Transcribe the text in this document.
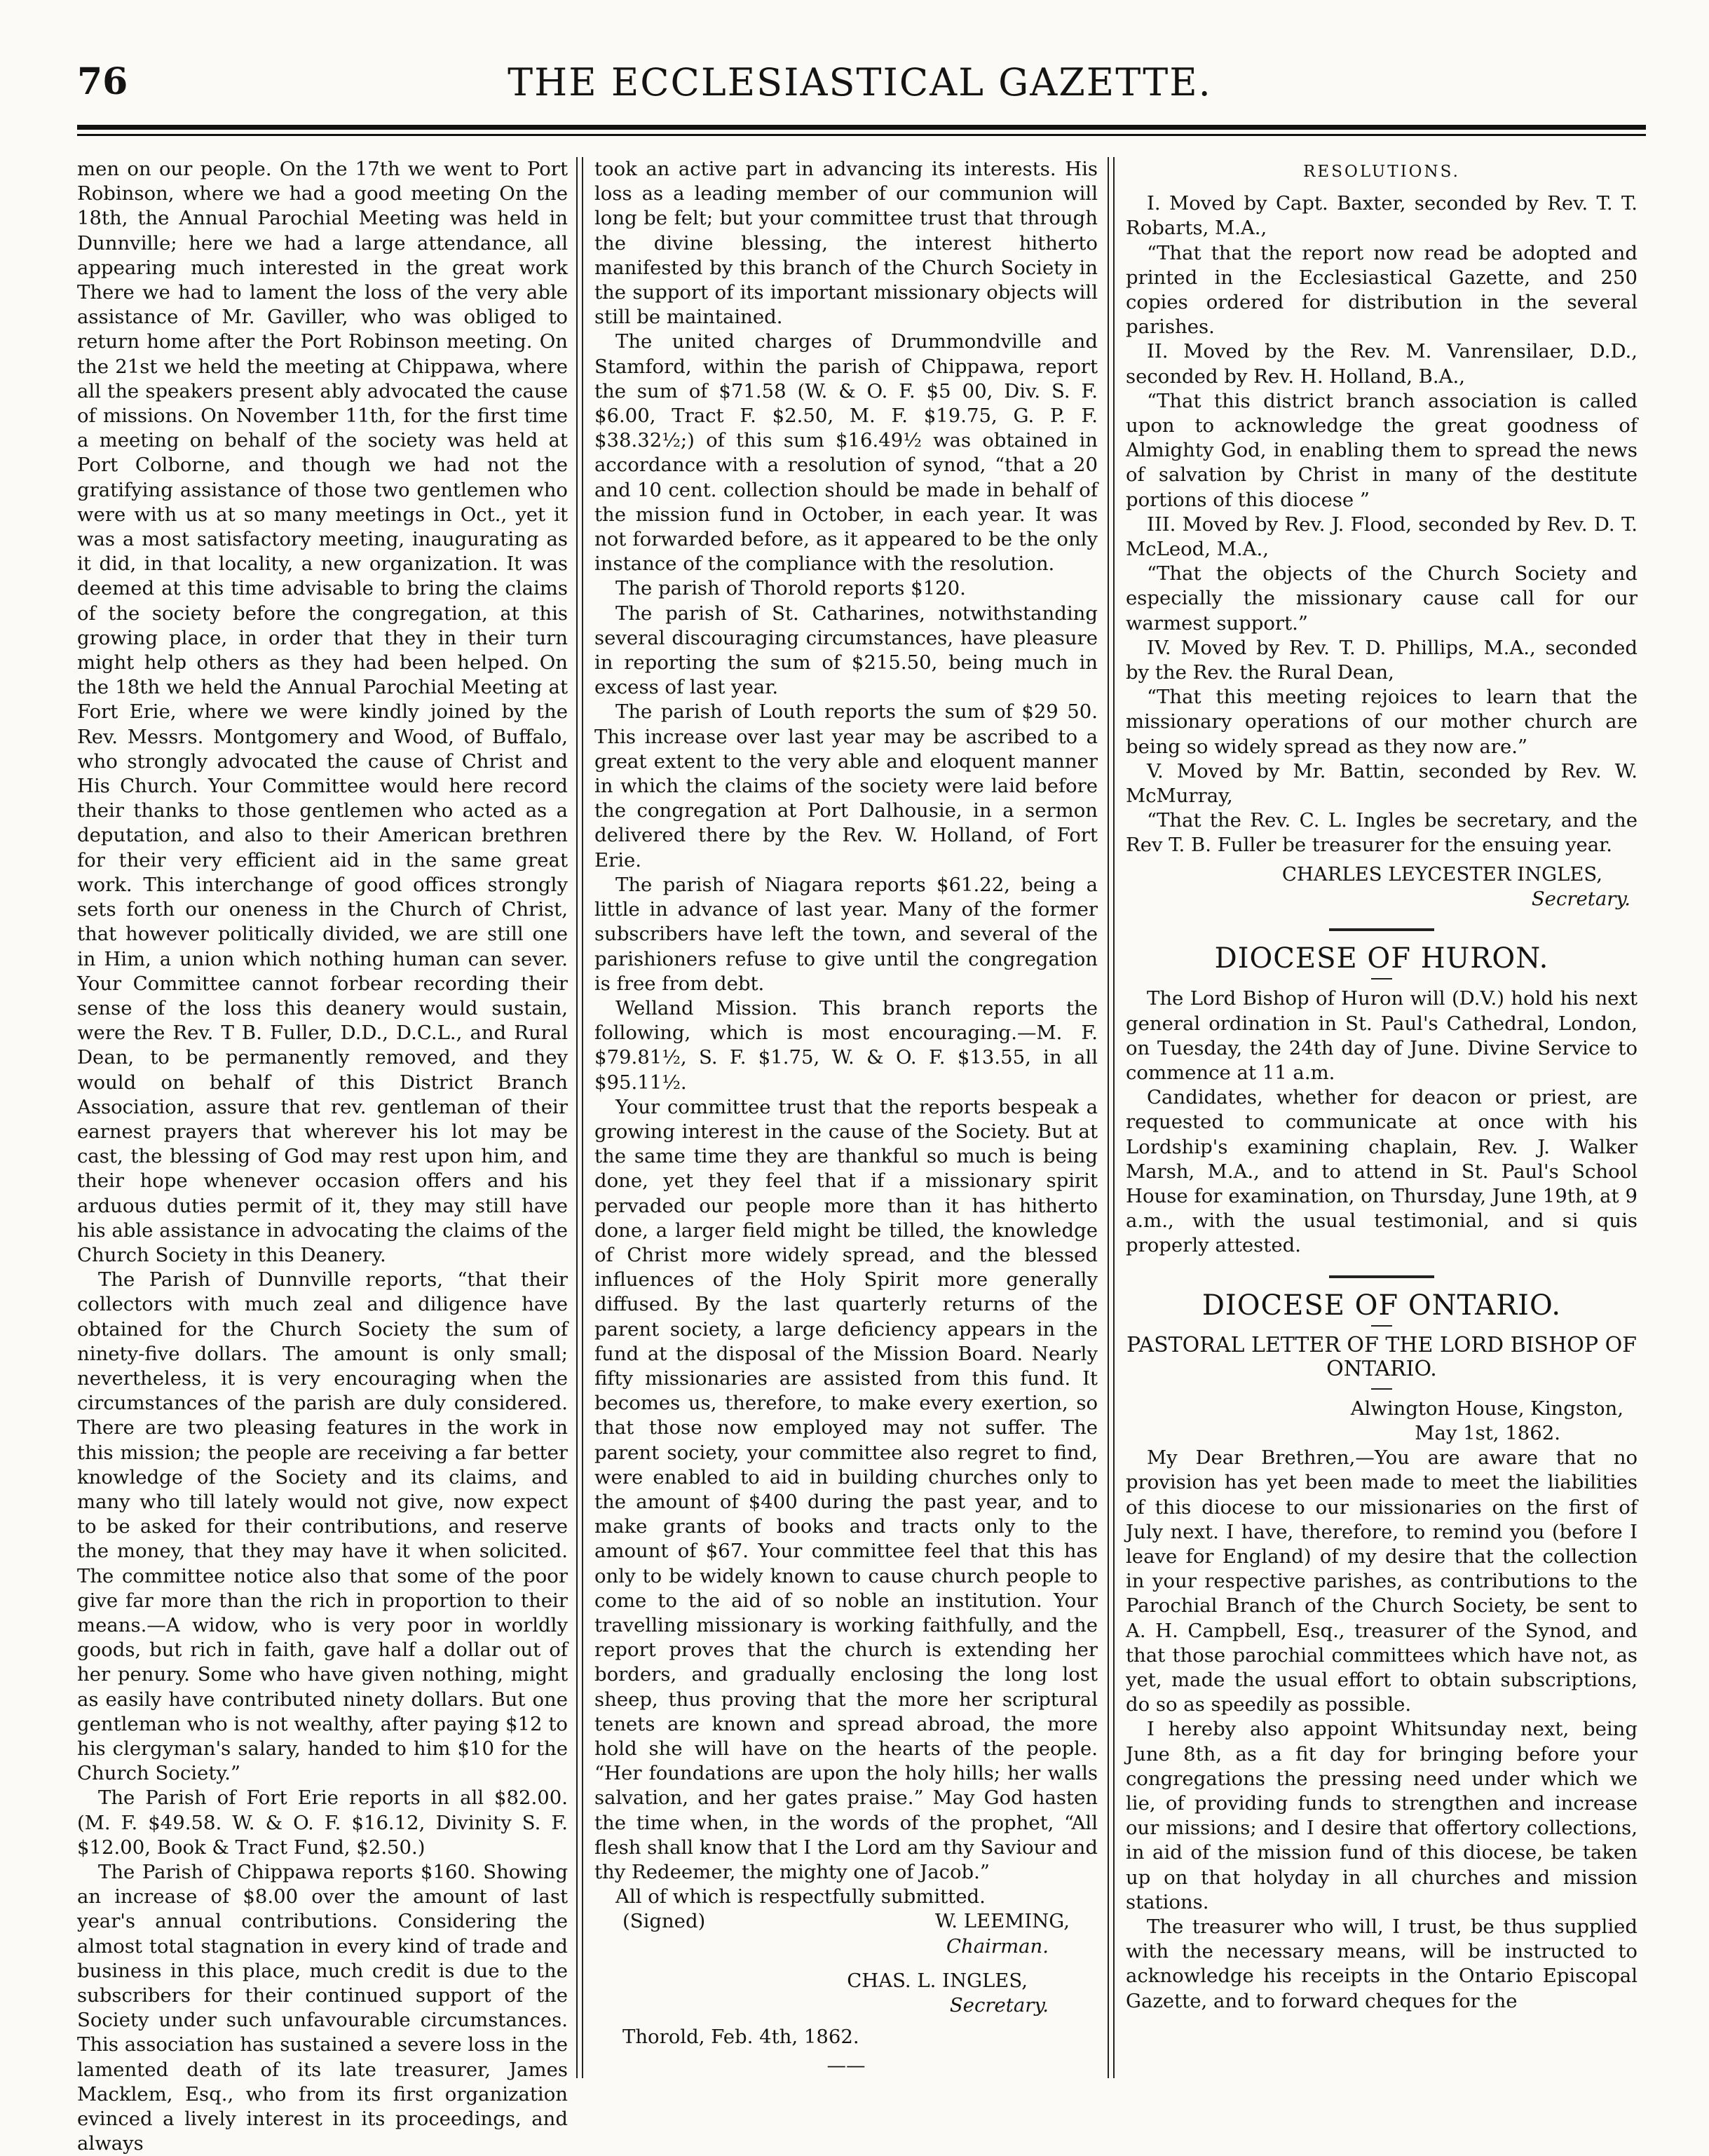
76	THE ECCLESIASTICAL GAZETTE.

men on our people. On the 17th we went to Port Robinson, where we had a good meeting On the 18th, the Annual Parochial Meeting was held in Dunnville; here we had a large attendance, all appearing much interested in the great work There we had to lament the loss of the very able assistance of Mr. Gaviller, who was obliged to return home after the Port Robinson meeting. On the 21st we held the meeting at Chippawa, where all the speakers present ably advocated the cause of missions. On November 11th, for the first time a meeting on behalf of the society was held at Port Colborne, and though we had not the gratifying assistance of those two gentlemen who were with us at so many meetings in Oct., yet it was a most satisfactory meeting, inaugurating as it did, in that locality, a new organization. It was deemed at this time advisable to bring the claims of the society before the congregation, at this growing place, in order that they in their turn might help others as they had been helped. On the 18th we held the Annual Parochial Meeting at Fort Erie, where we were kindly joined by the Rev. Messrs. Montgomery and Wood, of Buffalo, who strongly advocated the cause of Christ and His Church. Your Committee would here record their thanks to those gentlemen who acted as a deputation, and also to their American brethren for their very efficient aid in the same great work. This interchange of good offices strongly sets forth our oneness in the Church of Christ, that however politically divided, we are still one in Him, a union which nothing human can sever. Your Committee cannot forbear recording their sense of the loss this deanery would sustain, were the Rev. T B. Fuller, D.D., D.C.L., and Rural Dean, to be permanently removed, and they would on behalf of this District Branch Association, assure that rev. gentleman of their earnest prayers that wherever his lot may be cast, the blessing of God may rest upon him, and their hope whenever occasion offers and his arduous duties permit of it, they may still have his able assistance in advocating the claims of the Church Society in this Deanery.

The Parish of Dunnville reports, “that their collectors with much zeal and diligence have obtained for the Church Society the sum of ninety-five dollars. The amount is only small; nevertheless, it is very encouraging when the circumstances of the parish are duly considered. There are two pleasing features in the work in this mission; the people are receiving a far better knowledge of the Society and its claims, and many who till lately would not give, now expect to be asked for their contributions, and reserve the money, that they may have it when solicited. The committee notice also that some of the poor give far more than the rich in proportion to their means.—A widow, who is very poor in worldly goods, but rich in faith, gave half a dollar out of her penury. Some who have given nothing, might as easily have contributed ninety dollars. But one gentleman who is not wealthy, after paying $12 to his clergyman's salary, handed to him $10 for the Church Society.”

The Parish of Fort Erie reports in all $82.00. (M. F. $49.58. W. & O. F. $16.12, Divinity S. F. $12.00, Book & Tract Fund, $2.50.)

The Parish of Chippawa reports $160. Showing an increase of $8.00 over the amount of last year's annual contributions. Considering the almost total stagnation in every kind of trade and business in this place, much credit is due to the subscribers for their continued support of the Society under such unfavourable circumstances. This association has sustained a severe loss in the lamented death of its late treasurer, James Macklem, Esq., who from its first organization evinced a lively interest in its proceedings, and always

took an active part in advancing its interests. His loss as a leading member of our communion will long be felt; but your committee trust that through the divine blessing, the interest hitherto manifested by this branch of the Church Society in the support of its important missionary objects will still be maintained.

The united charges of Drummondville and Stamford, within the parish of Chippawa, report the sum of $71.58 (W. & O. F. $5 00, Div. S. F. $6.00, Tract F. $2.50, M. F. $19.75, G. P. F. $38.32½;) of this sum $16.49½ was obtained in accordance with a resolution of synod, “that a 20 and 10 cent. collection should be made in behalf of the mission fund in October, in each year. It was not forwarded before, as it appeared to be the only instance of the compliance with the resolution.

The parish of Thorold reports $120.

The parish of St. Catharines, notwithstanding several discouraging circumstances, have pleasure in reporting the sum of $215.50, being much in excess of last year.

The parish of Louth reports the sum of $29 50. This increase over last year may be ascribed to a great extent to the very able and eloquent manner in which the claims of the society were laid before the congregation at Port Dalhousie, in a sermon delivered there by the Rev. W. Holland, of Fort Erie.

The parish of Niagara reports $61.22, being a little in advance of last year. Many of the former subscribers have left the town, and several of the parishioners refuse to give until the congregation is free from debt.

Welland Mission. This branch reports the following, which is most encouraging.—M. F. $79.81½, S. F. $1.75, W. & O. F. $13.55, in all $95.11½.

Your committee trust that the reports bespeak a growing interest in the cause of the Society. But at the same time they are thankful so much is being done, yet they feel that if a missionary spirit pervaded our people more than it has hitherto done, a larger field might be tilled, the knowledge of Christ more widely spread, and the blessed influences of the Holy Spirit more generally diffused. By the last quarterly returns of the parent society, a large deficiency appears in the fund at the disposal of the Mission Board. Nearly fifty missionaries are assisted from this fund. It becomes us, therefore, to make every exertion, so that those now employed may not suffer. The parent society, your committee also regret to find, were enabled to aid in building churches only to the amount of $400 during the past year, and to make grants of books and tracts only to the amount of $67. Your committee feel that this has only to be widely known to cause church people to come to the aid of so noble an institution. Your travelling missionary is working faithfully, and the report proves that the church is extending her borders, and gradually enclosing the long lost sheep, thus proving that the more her scriptural tenets are known and spread abroad, the more hold she will have on the hearts of the people. “Her foundations are upon the holy hills; her walls salvation, and her gates praise.” May God hasten the time when, in the words of the prophet, “All flesh shall know that I the Lord am thy Saviour and thy Redeemer, the mighty one of Jacob.”

All of which is respectfully submitted.

(Signed)	W. LEEMING,
Chairman.
CHAS. L. INGLES,
Secretary.
Thorold, Feb. 4th, 1862.
——
RESOLUTIONS.

I. Moved by Capt. Baxter, seconded by Rev. T. T. Robarts, M.A.,

“That that the report now read be adopted and printed in the Ecclesiastical Gazette, and 250 copies ordered for distribution in the several parishes.

II. Moved by the Rev. M. Vanrensilaer, D.D., seconded by Rev. H. Holland, B.A.,

“That this district branch association is called upon to acknowledge the great goodness of Almighty God, in enabling them to spread the news of salvation by Christ in many of the destitute portions of this diocese ”

III. Moved by Rev. J. Flood, seconded by Rev. D. T. McLeod, M.A.,

“That the objects of the Church Society and especially the missionary cause call for our warmest support.”

IV. Moved by Rev. T. D. Phillips, M.A., seconded by the Rev. the Rural Dean,

“That this meeting rejoices to learn that the missionary operations of our mother church are being so widely spread as they now are.”

V. Moved by Mr. Battin, seconded by Rev. W. McMurray,

“That the Rev. C. L. Ingles be secretary, and the Rev T. B. Fuller be treasurer for the ensuing year.

CHARLES LEYCESTER INGLES,
Secretary.
DIOCESE OF HURON.

The Lord Bishop of Huron will (D.V.) hold his next general ordination in St. Paul's Cathedral, London, on Tuesday, the 24th day of June. Divine Service to commence at 11 a.m.

Candidates, whether for deacon or priest, are requested to communicate at once with his Lordship's examining chaplain, Rev. J. Walker Marsh, M.A., and to attend in St. Paul's School House for examination, on Thursday, June 19th, at 9 a.m., with the usual testimonial, and si quis properly attested.

DIOCESE OF ONTARIO.
PASTORAL LETTER OF THE LORD BISHOP OF ONTARIO.
Alwington House, Kingston,
May 1st, 1862.

My Dear Brethren,—You are aware that no provision has yet been made to meet the liabilities of this diocese to our missionaries on the first of July next. I have, therefore, to remind you (before I leave for England) of my desire that the collection in your respective parishes, as contributions to the Parochial Branch of the Church Society, be sent to A. H. Campbell, Esq., treasurer of the Synod, and that those parochial committees which have not, as yet, made the usual effort to obtain subscriptions, do so as speedily as possible.

I hereby also appoint Whitsunday next, being June 8th, as a fit day for bringing before your congregations the pressing need under which we lie, of providing funds to strengthen and increase our missions; and I desire that offertory collections, in aid of the mission fund of this diocese, be taken up on that holyday in all churches and mission stations.

The treasurer who will, I trust, be thus supplied with the necessary means, will be instructed to acknowledge his receipts in the Ontario Episcopal Gazette, and to forward cheques for the
